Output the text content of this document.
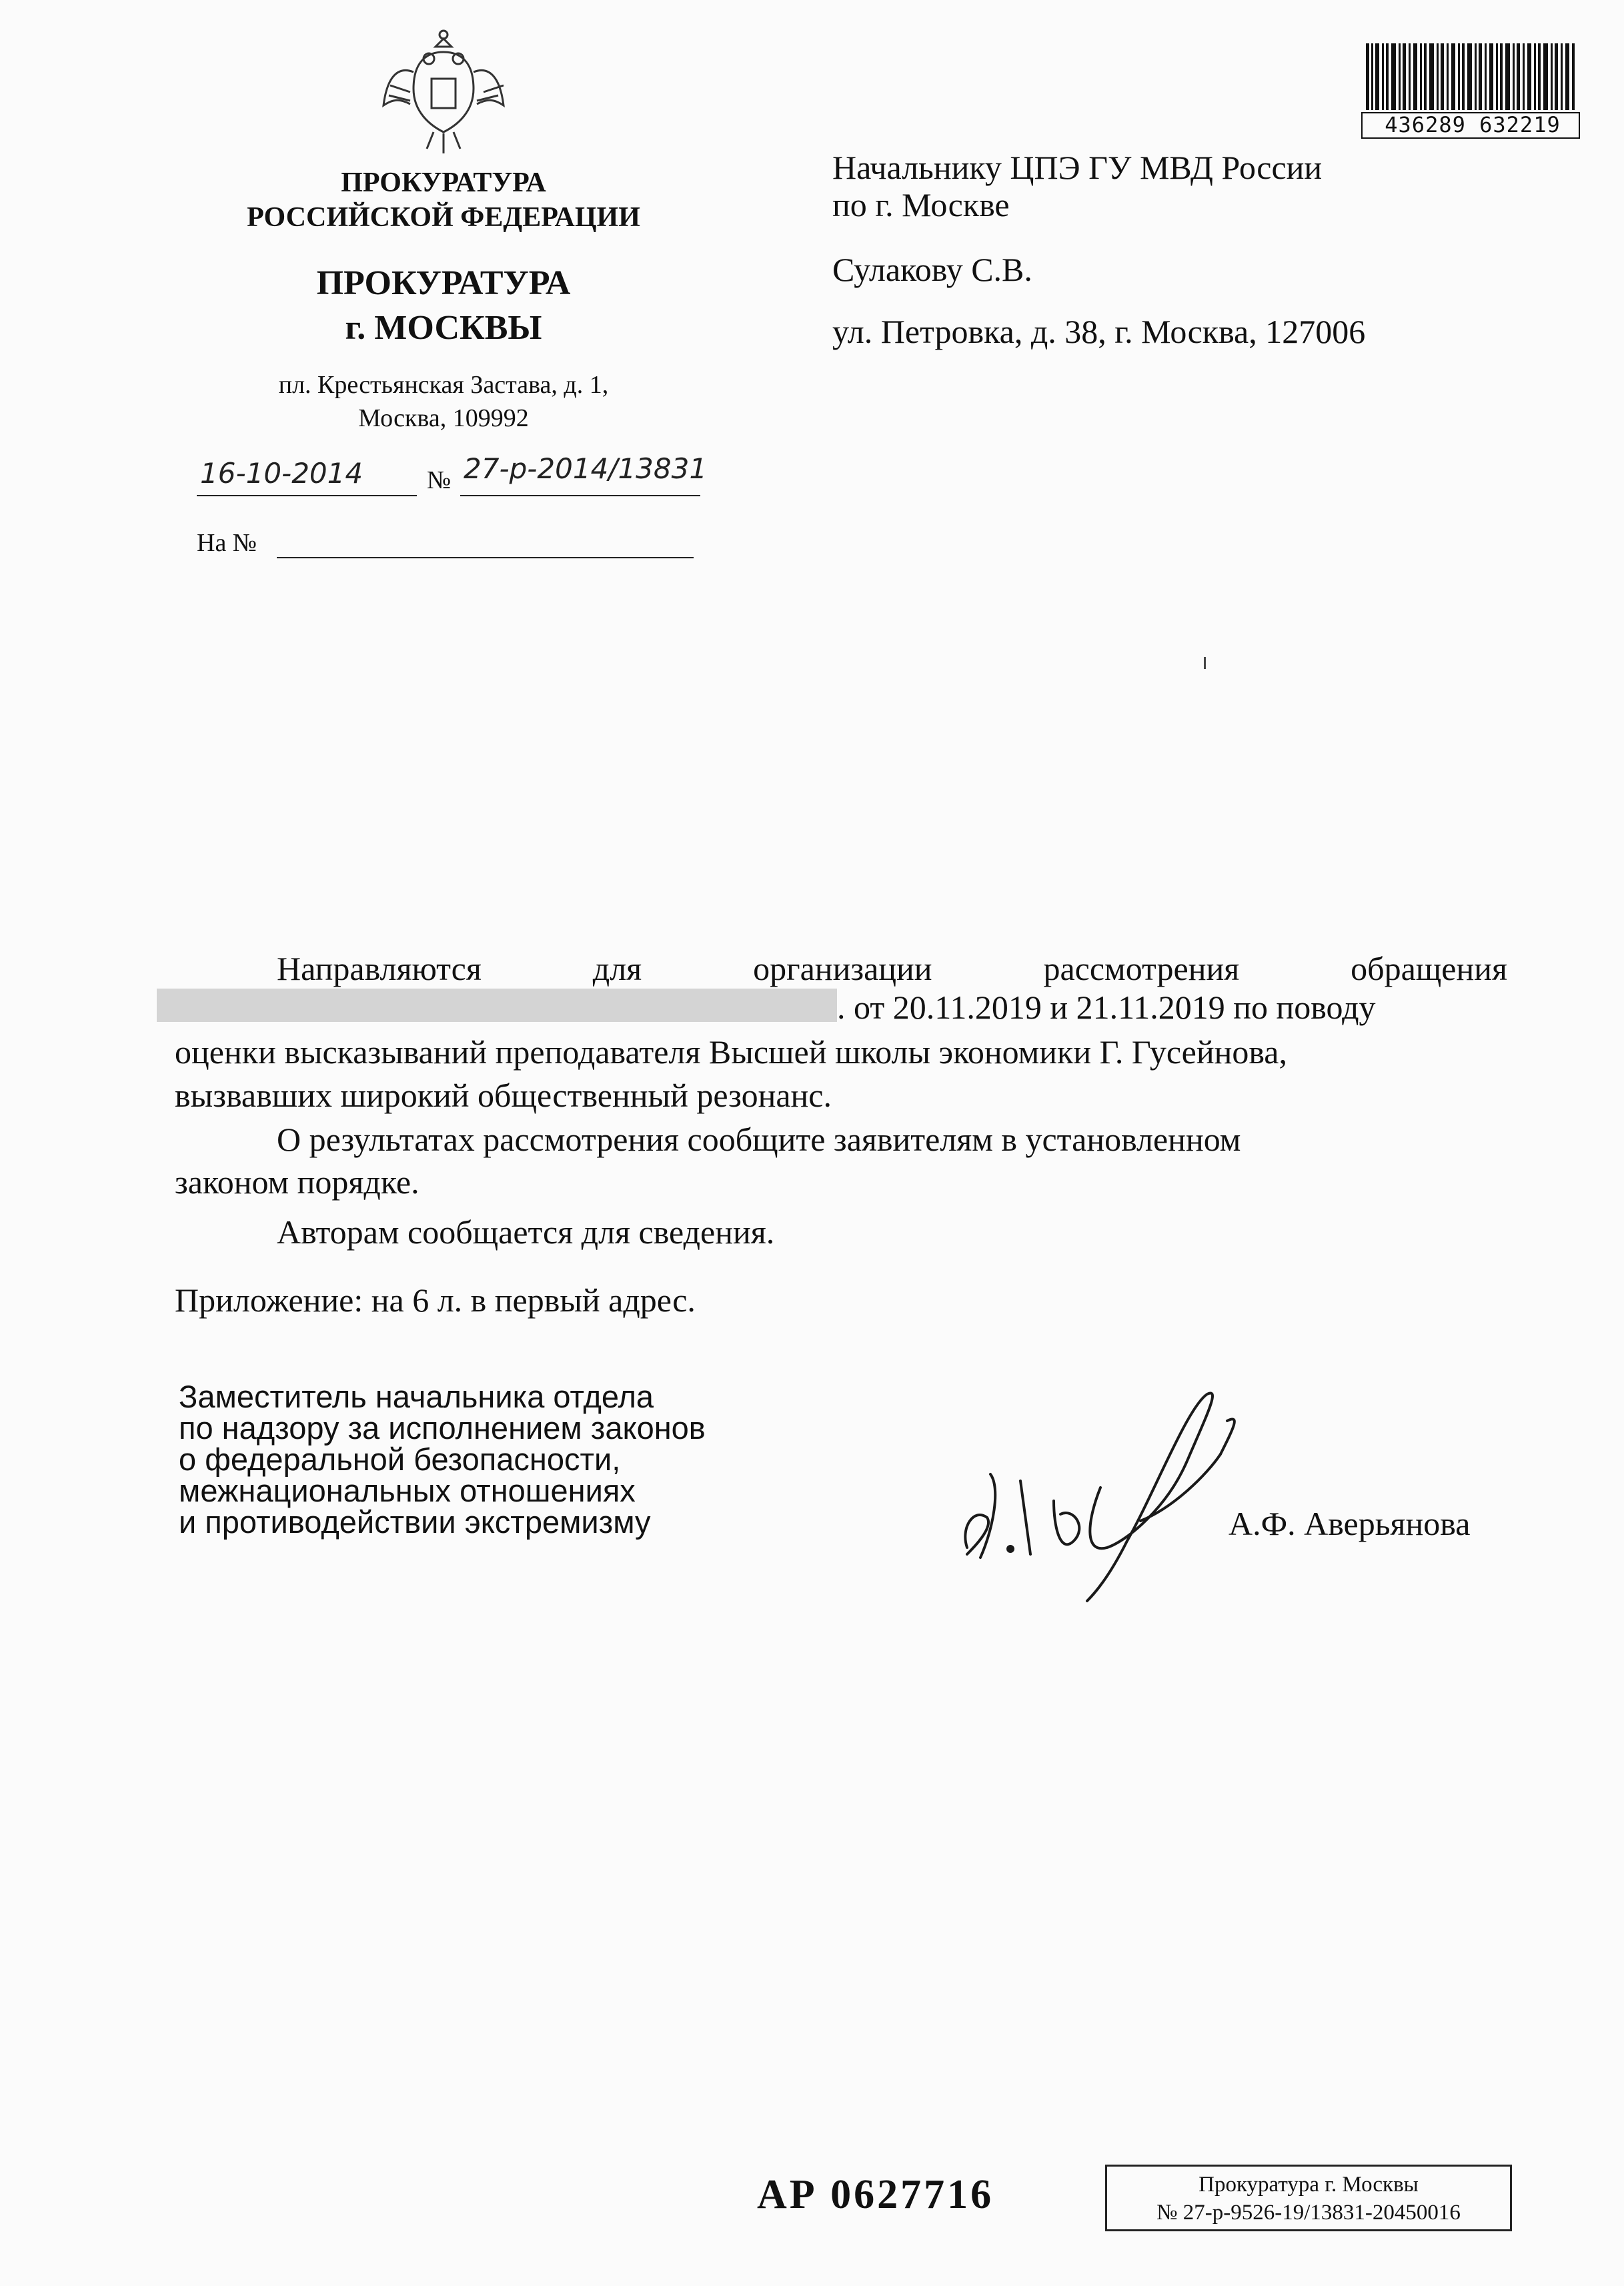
ПРОКУРАТУРА
РОССИЙСКОЙ ФЕДЕРАЦИИ
ПРОКУРАТУРА
г. МОСКВЫ
пл. Крестьянская Застава, д. 1,
Москва, 109992
16-10-2014	№ 27-р-2014/13831
На №
436289 632219
Начальнику ЦПЭ ГУ МВД России
по г. Москве
Сулакову С.В.
ул. Петровка, д. 38, г. Москва, 127006
Направляются	для	организации	рассмотрения	обращения
. от 20.11.2019 и 21.11.2019 по поводу
оценки высказываний преподавателя Высшей школы экономики Г. Гусейнова,
вызвавших широкий общественный резонанс.
О результатах рассмотрения сообщите заявителям в установленном
законом порядке.
Авторам сообщается для сведения.
Приложение: на 6 л. в первый адрес.
Заместитель начальника отдела
по надзору за исполнением законов
о федеральной безопасности,
межнациональных отношениях
и противодействии экстремизму	А.Ф. Аверьянова
АР 0627716	Прокуратура г. Москвы
№ 27-р-9526-19/13831-20450016
